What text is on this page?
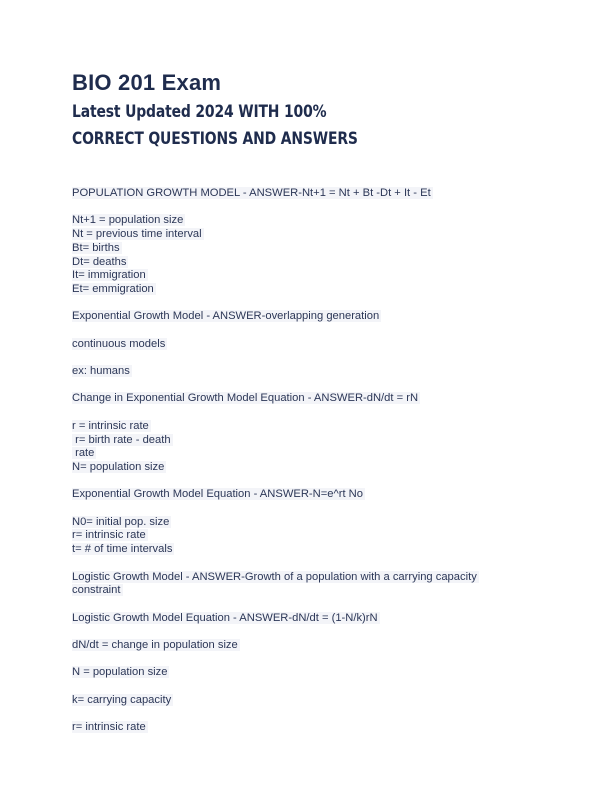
BIO 201 Exam Latest Updated 2024 WITH 100%
CORRECT QUESTIONS AND ANSWERS
POPULATION GROWTH MODEL - ANSWER-Nt+1 = Nt + Bt -Dt + It - Et
Nt+1 = population size
Nt = previous time interval
Bt= births
Dt= deaths
It= immigration
Et= emmigration
Exponential Growth Model - ANSWER-overlapping generation
continuous models
ex: humans
Change in Exponential Growth Model Equation - ANSWER-dN/dt = rN
r = intrinsic rate
r= birth rate - death
rate
N= population size
Exponential Growth Model Equation - ANSWER-N=e^rt No
N0= initial pop. size
r= intrinsic rate
t= # of time intervals
Logistic Growth Model - ANSWER-Growth of a population with a carrying capacity
constraint
Logistic Growth Model Equation - ANSWER-dN/dt = (1-N/k)rN
dN/dt = change in population size
N = population size
k= carrying capacity
r= intrinsic rate
